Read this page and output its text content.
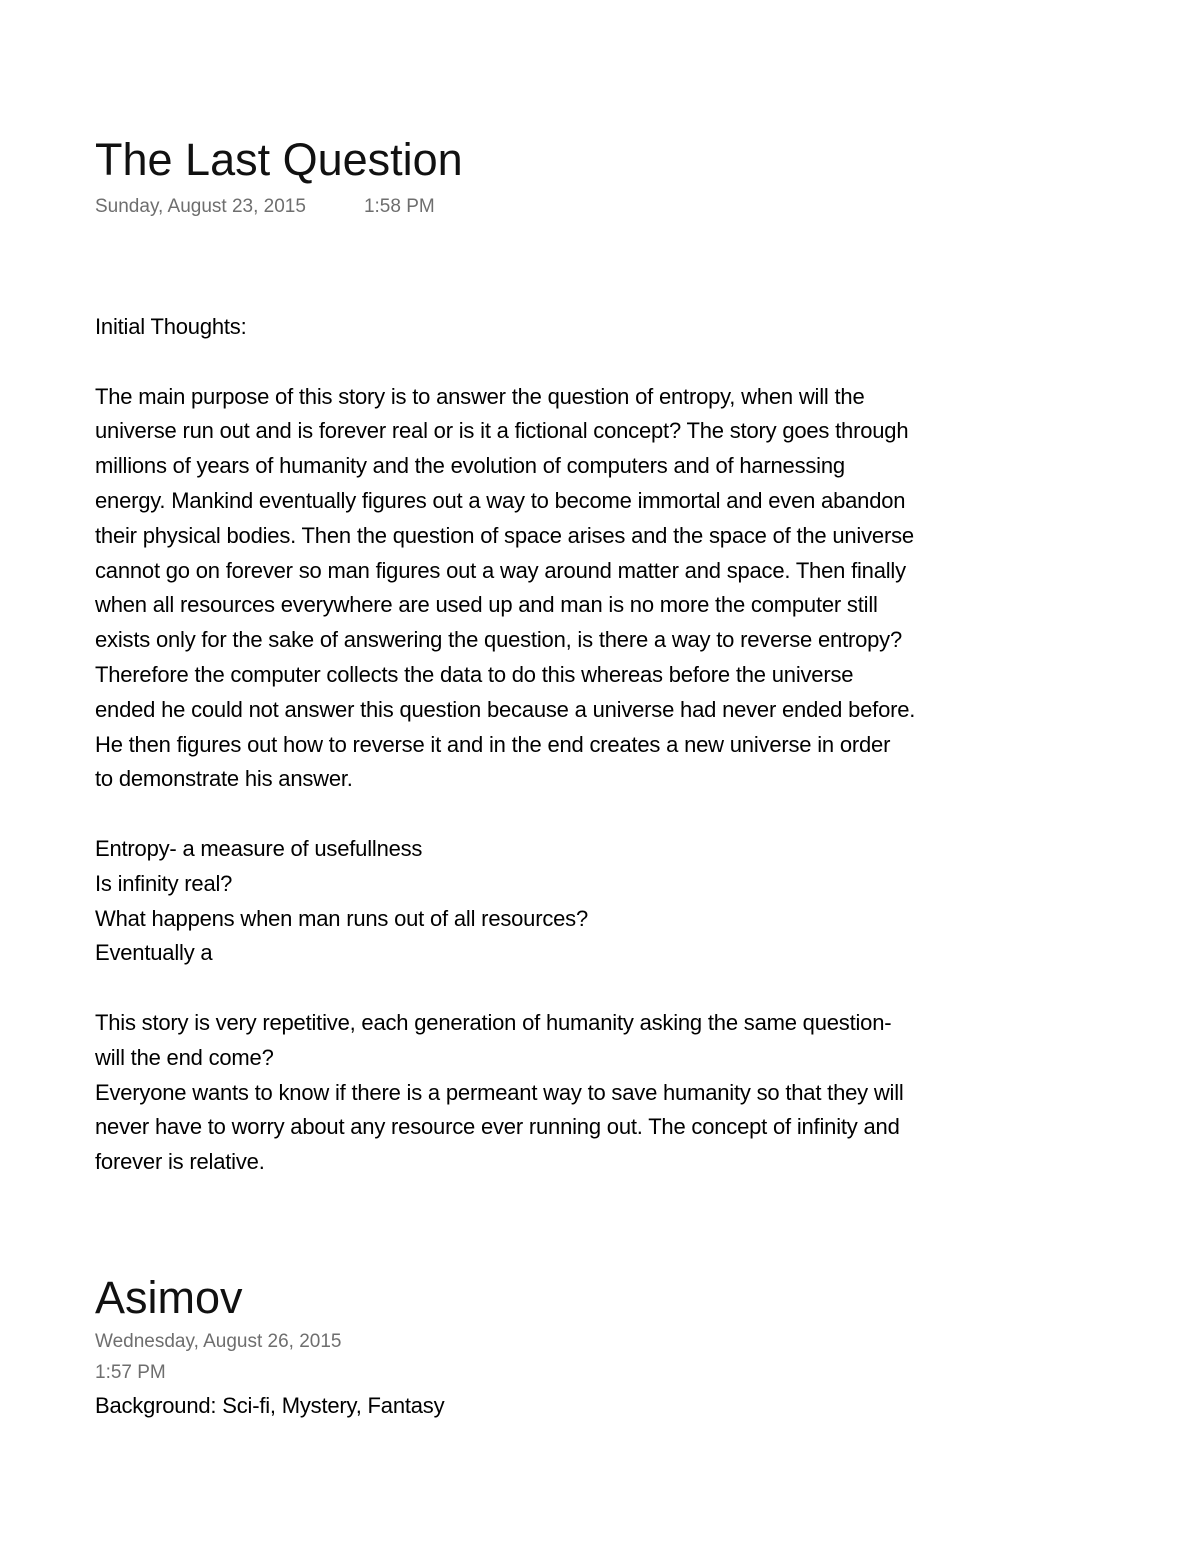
The Last Question

Sunday, August 23, 2015	1:58 PM

Initial Thoughts:

The main purpose of this story is to answer the question of entropy, when will the

universe run out and is forever real or is it a fictional concept? The story goes through

millions of years of humanity and the evolution of computers and of harnessing

energy. Mankind eventually figures out a way to become immortal and even abandon

their physical bodies. Then the question of space arises and the space of the universe

cannot go on forever so man figures out a way around matter and space. Then finally

when all resources everywhere are used up and man is no more the computer still

exists only for the sake of answering the question, is there a way to reverse entropy?

Therefore the computer collects the data to do this whereas before the universe

ended he could not answer this question because a universe had never ended before.

He then figures out how to reverse it and in the end creates a new universe in order

to demonstrate his answer.

Entropy- a measure of usefullness

Is infinity real?

What happens when man runs out of all resources?

Eventually a

This story is very repetitive, each generation of humanity asking the same question-

will the end come?

Everyone wants to know if there is a permeant way to save humanity so that they will

never have to worry about any resource ever running out. The concept of infinity and

forever is relative.

Asimov

Wednesday, August 26, 2015

1:57 PM

Background: Sci-fi, Mystery, Fantasy
